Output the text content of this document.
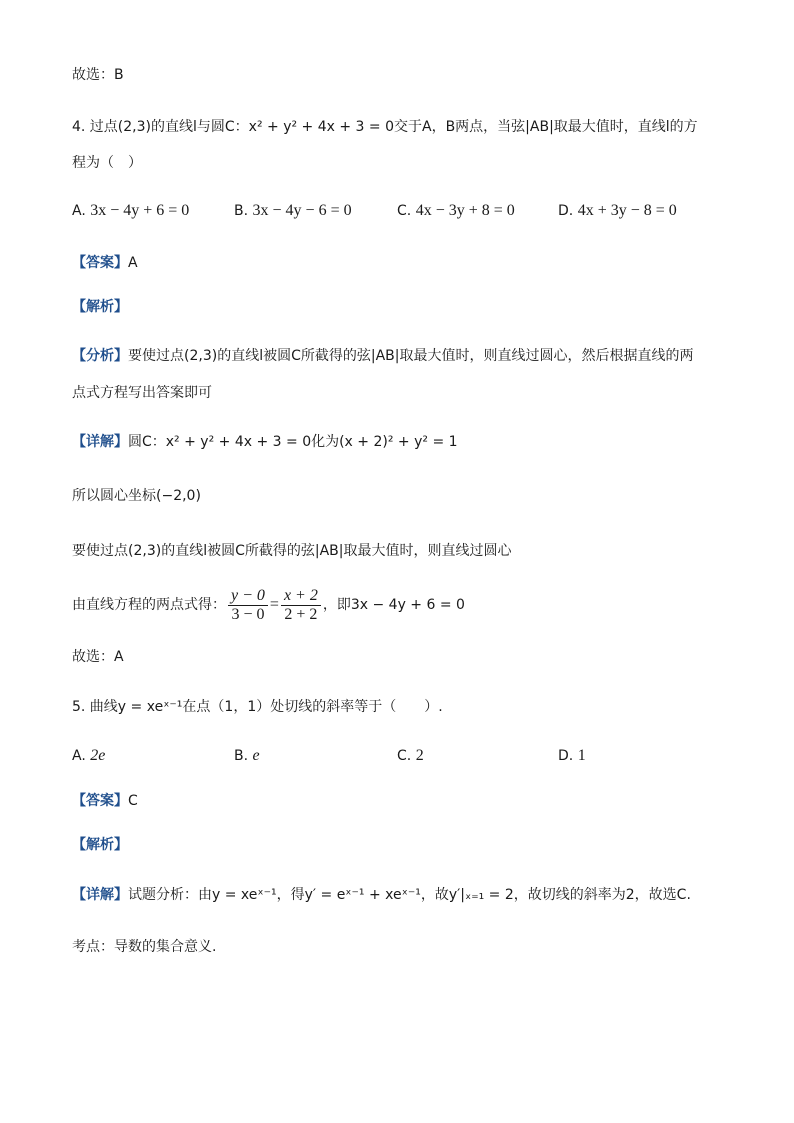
故选：B
4. 过点(2,3)的直线l与圆C：x² + y² + 4x + 3 = 0交于A，B两点，当弦|AB|取最大值时，直线l的方
程为（　）
A. 3x − 4y + 6 = 0	B. 3x − 4y − 6 = 0	C. 4x − 3y + 8 = 0	D. 4x + 3y − 8 = 0
【答案】A
【解析】
【分析】要使过点(2,3)的直线l被圆C所截得的弦|AB|取最大值时，则直线过圆心，然后根据直线的两
点式方程写出答案即可
【详解】圆C：x² + y² + 4x + 3 = 0化为(x + 2)² + y² = 1
所以圆心坐标(−2,0)
要使过点(2,3)的直线l被圆C所截得的弦|AB|取最大值时，则直线过圆心
由直线方程的两点式得： $\frac{y - 0}{3 - 0} = \frac{x + 2}{2 + 2}$ ，即3x − 4y + 6 = 0
故选：A
5. 曲线y = xeˣ⁻¹在点（1，1）处切线的斜率等于（　　）.
A. 2e	B. e	C. 2	D. 1
【答案】C
【解析】
【详解】试题分析：由y = xeˣ⁻¹，得y′ = eˣ⁻¹ + xeˣ⁻¹，故y′|ₓ₌₁ = 2，故切线的斜率为2，故选C.
考点：导数的集合意义.
